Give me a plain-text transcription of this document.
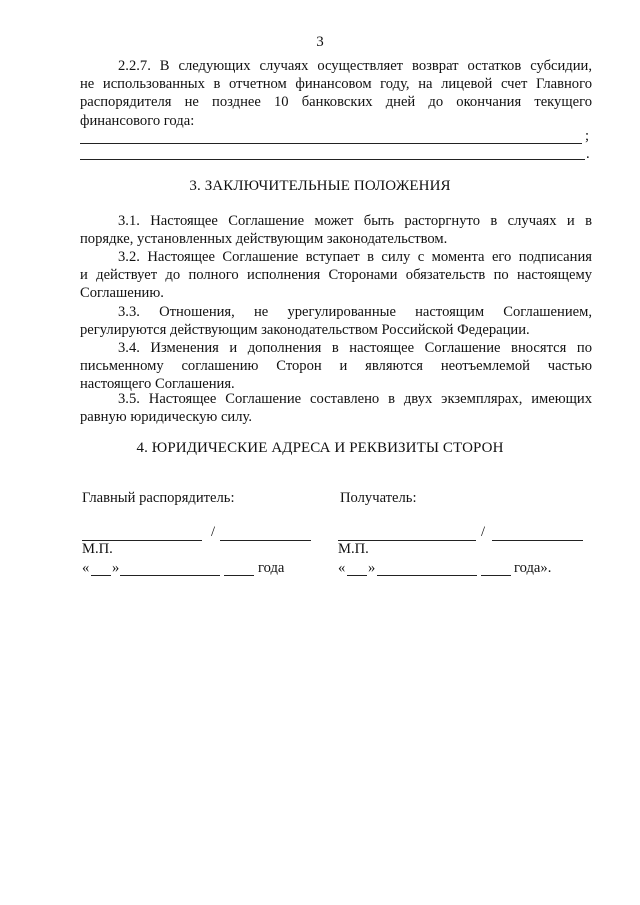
3
2.2.7. В следующих случаях осуществляет возврат остатков субсидии,
не использованных в отчетном финансовом году, на лицевой счет Главного
распорядителя не позднее 10 банковских дней до окончания текущего
финансового года:
;
.
3. ЗАКЛЮЧИТЕЛЬНЫЕ ПОЛОЖЕНИЯ
3.1. Настоящее Соглашение может быть расторгнуто в случаях и в
порядке, установленных действующим законодательством.
3.2. Настоящее Соглашение вступает в силу с момента его подписания
и действует до полного исполнения Сторонами обязательств по настоящему
Соглашению.
3.3. Отношения, не урегулированные настоящим Соглашением,
регулируются действующим законодательством Российской Федерации.
3.4. Изменения и дополнения в настоящее Соглашение вносятся по
письменному соглашению Сторон и являются неотъемлемой частью
настоящего Соглашения.
3.5. Настоящее Соглашение составлено в двух экземплярах, имеющих
равную юридическую силу.
4. ЮРИДИЧЕСКИЕ АДРЕСА И РЕКВИЗИТЫ СТОРОН
Главный распорядитель:
/
М.П.
« »	года
Получатель:
/
М.П.
« »	года».
